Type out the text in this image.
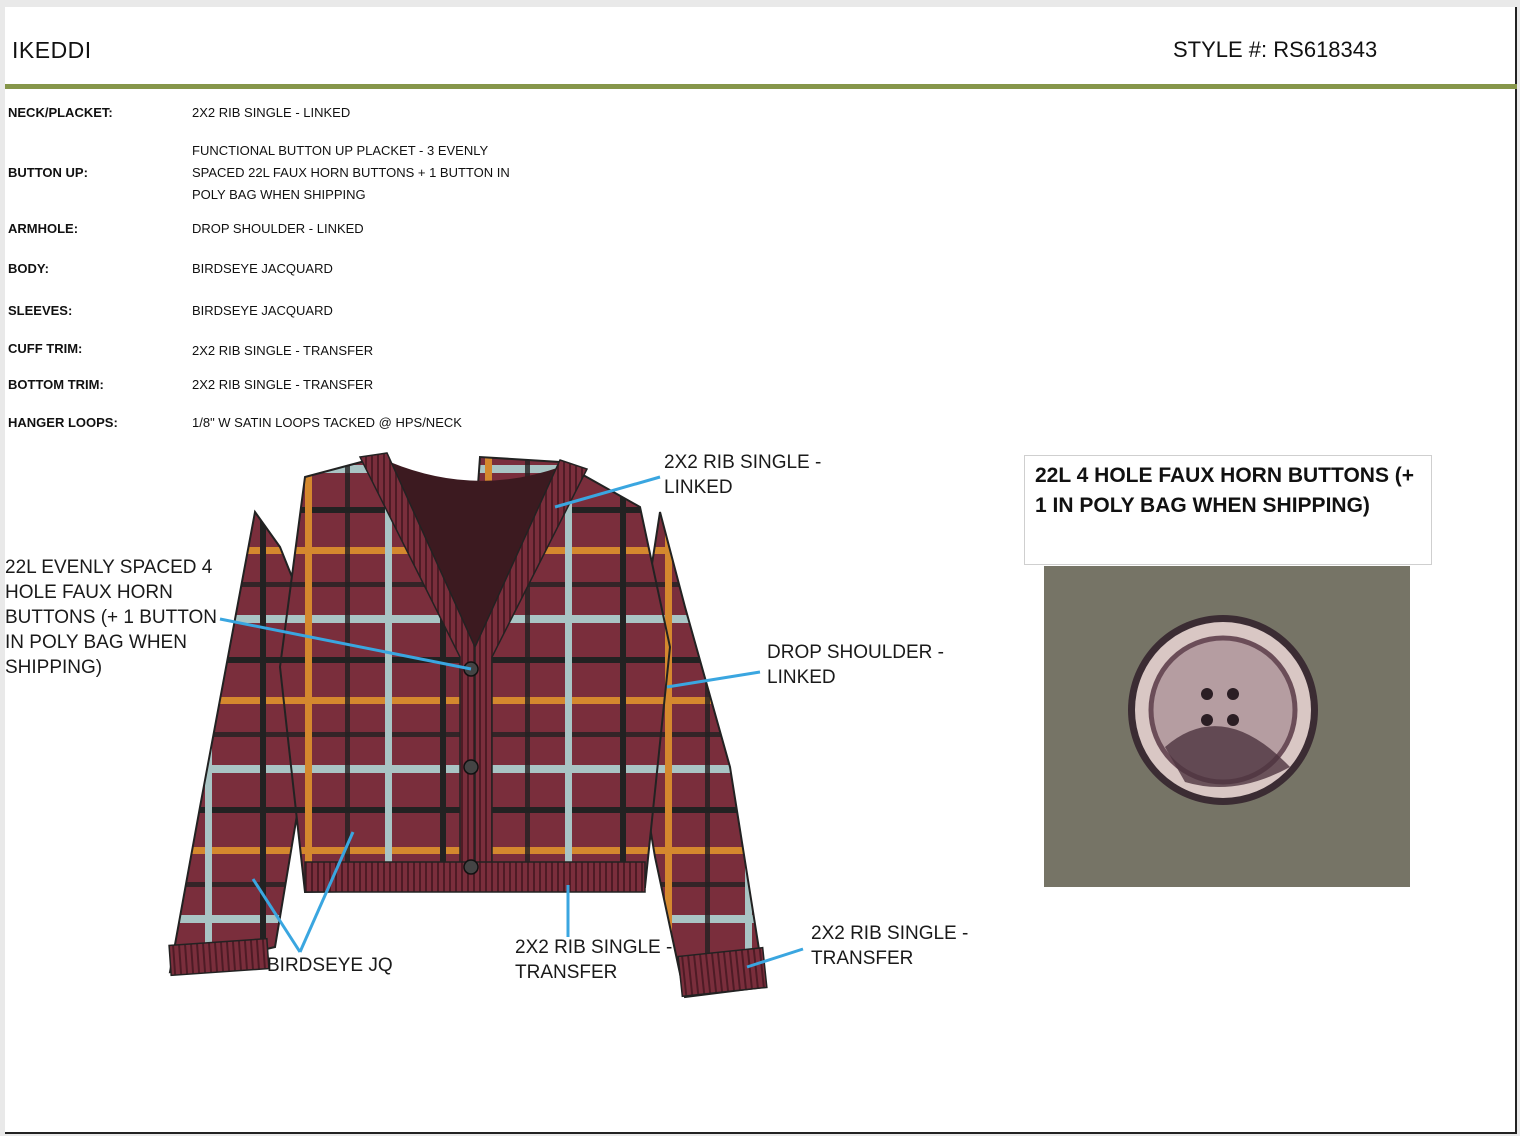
IKEDDI	STYLE #: RS618343
NECK/PLACKET:	2X2 RIB SINGLE - LINKED
BUTTON UP:
FUNCTIONAL BUTTON UP PLACKET - 3 EVENLY SPACED 22L FAUX HORN BUTTONS + 1 BUTTON IN POLY BAG WHEN SHIPPING
ARMHOLE:	DROP SHOULDER - LINKED
BODY:	BIRDSEYE JACQUARD
SLEEVES:	BIRDSEYE JACQUARD
CUFF TRIM:	2X2 RIB SINGLE - TRANSFER
BOTTOM TRIM:	2X2 RIB SINGLE - TRANSFER
HANGER LOOPS:	1/8" W SATIN LOOPS TACKED @ HPS/NECK
2X2 RIB SINGLE - LINKED
22L EVENLY SPACED 4 HOLE FAUX HORN BUTTONS (+ 1 BUTTON IN POLY BAG WHEN SHIPPING)
DROP SHOULDER - LINKED
BIRDSEYE JQ
2X2 RIB SINGLE - TRANSFER
2X2 RIB SINGLE - TRANSFER
22L 4 HOLE FAUX HORN BUTTONS (+ 1 IN POLY BAG WHEN SHIPPING)
